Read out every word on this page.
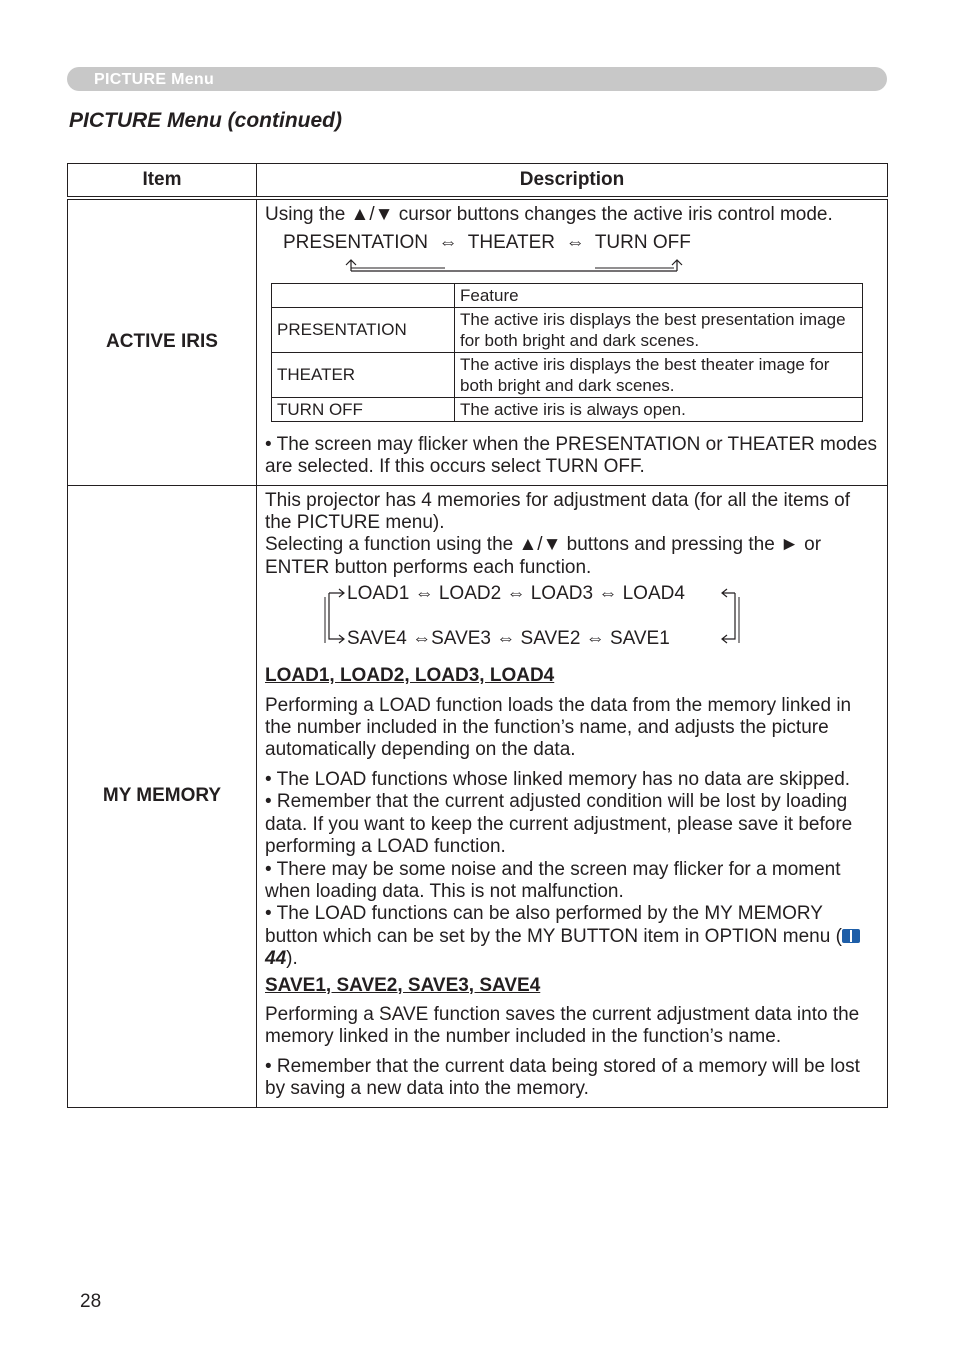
PICTURE Menu
PICTURE Menu (continued)
Item	Description
ACTIVE IRIS	

Using the ▲/▼ cursor buttons changes the active iris control mode.

PRESENTATION ⇔ THEATER ⇔ TURN OFF
	Feature
PRESENTATION	The active iris displays the best presentation image for both bright and dark scenes.
THEATER	The active iris displays the best theater image for both bright and dark scenes.
TURN OFF	The active iris is always open.

• The screen may flicker when the PRESENTATION or THEATER modes are selected. If this occurs select TURN OFF.

MY MEMORY	

This projector has 4 memories for adjustment data (for all the items of the PICTURE menu).

Selecting a function using the ▲/▼ buttons and pressing the ► or ENTER button performs each function.

LOAD1 ⇔ LOAD2 ⇔ LOAD3 ⇔ LOAD4
SAVE4 ⇔SAVE3 ⇔ SAVE2 ⇔ SAVE1

LOAD1, LOAD2, LOAD3, LOAD4

Performing a LOAD function loads the data from the memory linked in the number included in the function’s name, and adjusts the picture automatically depending on the data.

• The LOAD functions whose linked memory has no data are skipped.

• Remember that the current adjusted condition will be lost by loading data. If you want to keep the current adjustment, please save it before performing a LOAD function.

• There may be some noise and the screen may flicker for a moment when loading data. This is not malfunction.

• The LOAD functions can be also performed by the MY MEMORY button which can be set by the MY BUTTON item in OPTION menu (44).

SAVE1, SAVE2, SAVE3, SAVE4

Performing a SAVE function saves the current adjustment data into the memory linked in the number included in the function’s name.

• Remember that the current data being stored of a memory will be lost by saving a new data into the memory.

28
